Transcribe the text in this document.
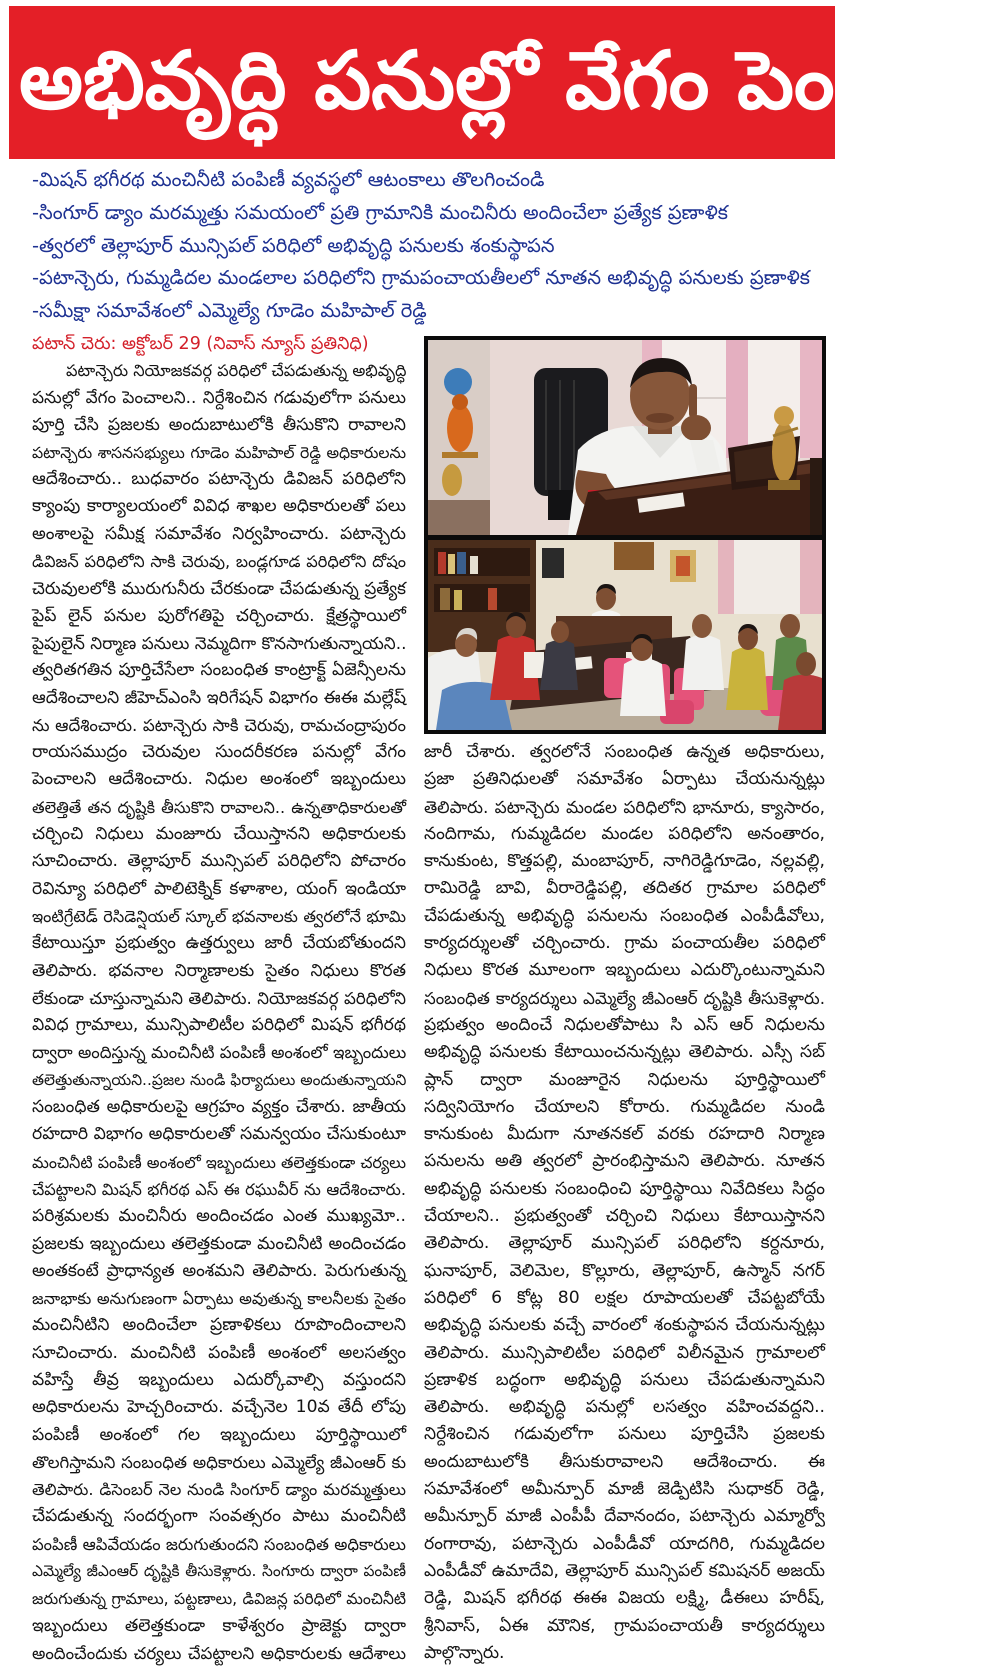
అభివృద్ధి పనుల్లో వేగం పెంచండి
-మిషన్ భగీరథ మంచినీటి పంపిణీ వ్యవస్థలో ఆటంకాలు తొలగించండి
-సింగూర్ డ్యాం మరమ్మత్తు సమయంలో ప్రతి గ్రామానికి మంచినీరు అందించేలా ప్రత్యేక ప్రణాళిక
-త్వరలో తెల్లాపూర్ మున్సిపల్ పరిధిలో అభివృద్ధి పనులకు శంకుస్థాపన
-పటాన్చెరు, గుమ్మడిదల మండలాల పరిధిలోని గ్రామపంచాయతీలలో నూతన అభివృద్ధి పనులకు ప్రణాళిక
-సమీక్షా సమావేశంలో ఎమ్మెల్యే గూడెం మహిపాల్ రెడ్డి
పటాన్ చెరు: అక్టోబర్ 29 (నివాస్ న్యూస్ ప్రతినిధి)
పటాన్చెరు నియోజకవర్గ పరిధిలో చేపడుతున్న అభివృద్ధి
పనుల్లో వేగం పెంచాలని.. నిర్దేశించిన గడువులోగా పనులు
పూర్తి చేసి ప్రజలకు అందుబాటులోకి తీసుకొని రావాలని
పటాన్చెరు శాసనసభ్యులు గూడెం మహిపాల్ రెడ్డి అధికారులను
ఆదేశించారు.. బుధవారం పటాన్చెరు డివిజన్ పరిధిలోని
క్యాంపు కార్యాలయంలో వివిధ శాఖల అధికారులతో పలు
అంశాలపై సమీక్ష సమావేశం నిర్వహించారు. పటాన్చెరు
డివిజన్ పరిధిలోని సాకి చెరువు, బండ్లగూడ పరిధిలోని దోషం
చెరువులలోకి మురుగునీరు చేరకుండా చేపడుతున్న ప్రత్యేక
పైప్ లైన్ పనుల పురోగతిపై చర్చించారు. క్షేత్రస్థాయిలో
పైపులైన్ నిర్మాణ పనులు నెమ్మదిగా కొనసాగుతున్నాయని..
త్వరితగతిన పూర్తిచేసేలా సంబంధిత కాంట్రాక్ట్ ఏజెన్సీలను
ఆదేశించాలని జీహెచ్ఎంసి ఇరిగేషన్ విభాగం ఈఈ మల్లేష్
ను ఆదేశించారు. పటాన్చెరు సాకి చెరువు, రామచంద్రాపురం
రాయసముద్రం చెరువుల సుందరీకరణ పనుల్లో వేగం
పెంచాలని ఆదేశించారు. నిధుల అంశంలో ఇబ్బందులు
తలెత్తితే తన దృష్టికి తీసుకొని రావాలని.. ఉన్నతాధికారులతో
చర్చించి నిధులు మంజూరు చేయిస్తానని అధికారులకు
సూచించారు. తెల్లాపూర్ మున్సిపల్ పరిధిలోని పోచారం
రెవిన్యూ పరిధిలో పాలిటెక్నిక్ కళాశాల, యంగ్ ఇండియా
ఇంటిగ్రేటెడ్ రెసిడెన్షియల్ స్కూల్ భవనాలకు త్వరలోనే భూమి
కేటాయిస్తూ ప్రభుత్వం ఉత్తర్వులు జారీ చేయబోతుందని
తెలిపారు. భవనాల నిర్మాణాలకు సైతం నిధులు కొరత
లేకుండా చూస్తున్నామని తెలిపారు. నియోజకవర్గ పరిధిలోని
వివిధ గ్రామాలు, మున్సిపాలిటీల పరిధిలో మిషన్ భగీరథ
ద్వారా అందిస్తున్న మంచినీటి పంపిణీ అంశంలో ఇబ్బందులు
తలెత్తుతున్నాయని..ప్రజల నుండి ఫిర్యాదులు అందుతున్నాయని
సంబంధిత అధికారులపై ఆగ్రహం వ్యక్తం చేశారు. జాతీయ
రహదారి విభాగం అధికారులతో సమన్వయం చేసుకుంటూ
మంచినీటి పంపిణీ అంశంలో ఇబ్బందులు తలెత్తకుండా చర్యలు
చేపట్టాలని మిషన్ భగీరథ ఎస్ ఈ రఘువీర్ ను ఆదేశించారు.
పరిశ్రమలకు మంచినీరు అందించడం ఎంత ముఖ్యమో..
ప్రజలకు ఇబ్బందులు తలెత్తకుండా మంచినీటి అందించడం
అంతకంటే ప్రాధాన్యత అంశమని తెలిపారు. పెరుగుతున్న
జనాభాకు అనుగుణంగా ఏర్పాటు అవుతున్న కాలనీలకు సైతం
మంచినీటిని అందించేలా ప్రణాళికలు రూపొందించాలని
సూచించారు. మంచినీటి పంపిణీ అంశంలో అలసత్వం
వహిస్తే తీవ్ర ఇబ్బందులు ఎదుర్కోవాల్సి వస్తుందని
అధికారులను హెచ్చరించారు. వచ్చేనెల 10వ తేదీ లోపు
పంపిణీ అంశంలో గల ఇబ్బందులు పూర్తిస్థాయిలో
తొలగిస్తామని సంబంధిత అధికారులు ఎమ్మెల్యే జీఎంఆర్ కు
తెలిపారు. డిసెంబర్ నెల నుండి సింగూర్ డ్యాం మరమ్మత్తులు
చేపడుతున్న సందర్భంగా సంవత్సరం పాటు మంచినీటి
పంపిణీ ఆపివేయడం జరుగుతుందని సంబంధిత అధికారులు
ఎమ్మెల్యే జీఎంఆర్ దృష్టికి తీసుకెళ్లారు. సింగూరు ద్వారా పంపిణీ
జరుగుతున్న గ్రామాలు, పట్టణాలు, డివిజన్ల పరిధిలో మంచినీటి
ఇబ్బందులు తలెత్తకుండా కాళేశ్వరం ప్రాజెక్టు ద్వారా
అందించేందుకు చర్యలు చేపట్టాలని అధికారులకు ఆదేశాలు
జారీ చేశారు. త్వరలోనే సంబంధిత ఉన్నత అధికారులు,
ప్రజా ప్రతినిధులతో సమావేశం ఏర్పాటు చేయనున్నట్లు
తెలిపారు. పటాన్చెరు మండల పరిధిలోని భానూరు, క్యాసారం,
నందిగామ, గుమ్మడిదల మండల పరిధిలోని అనంతారం,
కానుకుంట, కొత్తపల్లి, మంబాపూర్, నాగిరెడ్డిగూడెం, నల్లవల్లి,
రామిరెడ్డి బావి, వీరారెడ్డిపల్లి, తదితర గ్రామాల పరిధిలో
చేపడుతున్న అభివృద్ధి పనులను సంబంధిత ఎంపీడీవోలు,
కార్యదర్శులతో చర్చించారు. గ్రామ పంచాయతీల పరిధిలో
నిధులు కొరత మూలంగా ఇబ్బందులు ఎదుర్కొంటున్నామని
సంబంధిత కార్యదర్శులు ఎమ్మెల్యే జీఎంఆర్ దృష్టికి తీసుకెళ్లారు.
ప్రభుత్వం అందించే నిధులతోపాటు సి ఎస్ ఆర్ నిధులను
అభివృద్ధి పనులకు కేటాయించనున్నట్లు తెలిపారు. ఎస్సీ సబ్
ప్లాన్ ద్వారా మంజూరైన నిధులను పూర్తిస్థాయిలో
సద్వినియోగం చేయాలని కోరారు. గుమ్మడిదల నుండి
కానుకుంట మీదుగా నూతనకల్ వరకు రహదారి నిర్మాణ
పనులను అతి త్వరలో ప్రారంభిస్తామని తెలిపారు. నూతన
అభివృద్ధి పనులకు సంబంధించి పూర్తిస్థాయి నివేదికలు సిద్ధం
చేయాలని.. ప్రభుత్వంతో చర్చించి నిధులు కేటాయిస్తానని
తెలిపారు. తెల్లాపూర్ మున్సిపల్ పరిధిలోని కర్దనూరు,
ఘనాపూర్, వెలిమెల, కొల్లూరు, తెల్లాపూర్, ఉస్మాన్ నగర్
పరిధిలో 6 కోట్ల 80 లక్షల రూపాయలతో చేపట్టబోయే
అభివృద్ధి పనులకు వచ్చే వారంలో శంకుస్థాపన చేయనున్నట్లు
తెలిపారు. మున్సిపాలిటీల పరిధిలో విలీనమైన గ్రామాలలో
ప్రణాళిక బద్ధంగా అభివృద్ధి పనులు చేపడుతున్నామని
తెలిపారు. అభివృద్ధి పనుల్లో లసత్వం వహించవద్దని..
నిర్దేశించిన గడువులోగా పనులు పూర్తిచేసి ప్రజలకు
అందుబాటులోకి తీసుకురావాలని ఆదేశించారు. ఈ
సమావేశంలో అమీన్పూర్ మాజీ జెడ్పిటిసి సుధాకర్ రెడ్డి,
అమీన్పూర్ మాజీ ఎంపీపీ దేవానందం, పటాన్చెరు ఎమ్మార్వో
రంగారావు, పటాన్చెరు ఎంపీడీవో యాదగిరి, గుమ్మడిదల
ఎంపీడీవో ఉమాదేవి, తెల్లాపూర్ మున్సిపల్ కమిషనర్ అజయ్
రెడ్డి, మిషన్ భగీరథ ఈఈ విజయ లక్ష్మి, డీఈలు హరీష్,
శ్రీనివాస్, ఏఈ మౌనిక, గ్రామపంచాయతీ కార్యదర్శులు
పాల్గొన్నారు.
